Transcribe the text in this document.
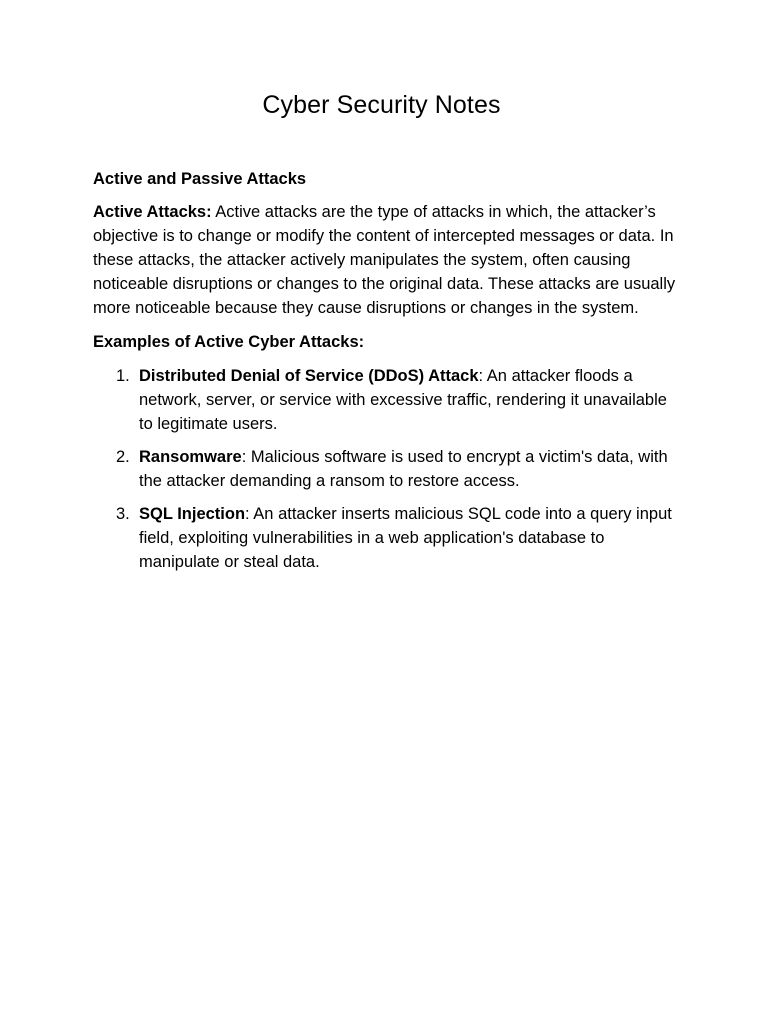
Cyber Security Notes
Active and Passive Attacks

Active Attacks: Active attacks are the type of attacks in which, the attacker’s objective is to change or modify the content of intercepted messages or data. In these attacks, the attacker actively manipulates the system, often causing noticeable disruptions or changes to the original data. These attacks are usually more noticeable because they cause disruptions or changes in the system.

Examples of Active Cyber Attacks:
1. Distributed Denial of Service (DDoS) Attack: An attacker floods a network, server, or service with excessive traffic, rendering it unavailable to legitimate users.
2. Ransomware: Malicious software is used to encrypt a victim's data, with the attacker demanding a ransom to restore access.
3. SQL Injection: An attacker inserts malicious SQL code into a query input field, exploiting vulnerabilities in a web application's database to manipulate or steal data.
